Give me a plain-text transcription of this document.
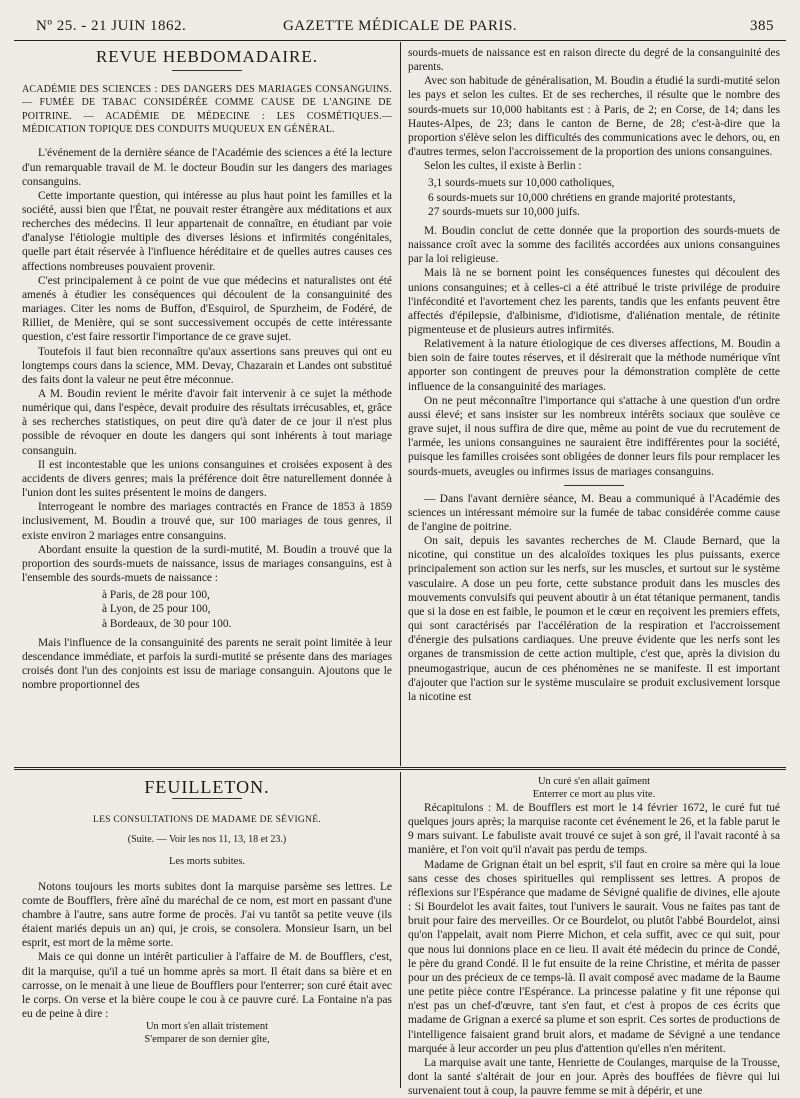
Nº 25. - 21 JUIN 1862.	GAZETTE MÉDICALE DE PARIS.	385
REVUE HEBDOMADAIRE.

ACADÉMIE DES SCIENCES : DES DANGERS DES MARIAGES CONSANGUINS. — FUMÉE DE TABAC CONSIDÉRÉE COMME CAUSE DE L'ANGINE DE POITRINE. — ACADÉMIE DE MÉDECINE : LES COSMÉTIQUES.—MÉDICATION TOPIQUE DES CONDUITS MUQUEUX EN GÉNÉRAL.

L'événement de la dernière séance de l'Académie des sciences a été la lecture d'un remarquable travail de M. le docteur Boudin sur les dangers des mariages consanguins.

Cette importante question, qui intéresse au plus haut point les familles et la société, aussi bien que l'État, ne pouvait rester étrangère aux méditations et aux recherches des médecins. Il leur appartenait de connaître, en étudiant par voie d'analyse l'étiologie multiple des diverses lésions et infirmités congénitales, quelle part était réservée à l'influence héréditaire et de quelles autres causes ces affections nombreuses pouvaient provenir.

C'est principalement à ce point de vue que médecins et naturalistes ont été amenés à étudier les conséquences qui découlent de la consanguinité des mariages. Citer les noms de Buffon, d'Esquirol, de Spurzheim, de Fodéré, de Rilliet, de Menière, qui se sont successivement occupés de cette intéressante question, c'est faire ressortir l'importance de ce grave sujet.

Toutefois il faut bien reconnaître qu'aux assertions sans preuves qui ont eu longtemps cours dans la science, MM. Devay, Chazarain et Landes ont substitué des faits dont la valeur ne peut être méconnue.

A M. Boudin revient le mérite d'avoir fait intervenir à ce sujet la méthode numérique qui, dans l'espèce, devait produire des résultats irrécusables, et, grâce à ses recherches statistiques, on peut dire qu'à dater de ce jour il n'est plus possible de révoquer en doute les dangers qui sont inhérents à tout mariage consanguin.

Il est incontestable que les unions consanguines et croisées exposent à des accidents de divers genres; mais la préférence doit être naturellement donnée à l'union dont les suites présentent le moins de dangers.

Interrogeant le nombre des mariages contractés en France de 1853 à 1859 inclusivement, M. Boudin a trouvé que, sur 100 mariages de tous genres, il existe environ 2 mariages entre consanguins.

Abordant ensuite la question de la surdi-mutité, M. Boudin a trouvé que la proportion des sourds-muets de naissance, issus de mariages consanguins, est à l'ensemble des sourds-muets de naissance :

à Paris, de 28 pour 100,
à Lyon, de 25 pour 100,
à Bordeaux, de 30 pour 100.

Mais l'influence de la consanguinité des parents ne serait point limitée à leur descendance immédiate, et parfois la surdi-mutité se présente dans des mariages croisés dont l'un des conjoints est issu de mariage consanguin. Ajoutons que le nombre proportionnel des

sourds-muets de naissance est en raison directe du degré de la consanguinité des parents.

Avec son habitude de généralisation, M. Boudin a étudié la surdi-mutité selon les pays et selon les cultes. Et de ses recherches, il résulte que le nombre des sourds-muets sur 10,000 habitants est : à Paris, de 2; en Corse, de 14; dans les Hautes-Alpes, de 23; dans le canton de Berne, de 28; c'est-à-dire que la proportion s'élève selon les difficultés des communications avec le dehors, ou, en d'autres termes, selon l'accroissement de la proportion des unions consanguines.

Selon les cultes, il existe à Berlin :

3,1 sourds-muets sur 10,000 catholiques,
6 sourds-muets sur 10,000 chrétiens en grande majorité protestants,
27 sourds-muets sur 10,000 juifs.

M. Boudin conclut de cette donnée que la proportion des sourds-muets de naissance croît avec la somme des facilités accordées aux unions consanguines par la loi religieuse.

Mais là ne se bornent point les conséquences funestes qui découlent des unions consanguines; et à celles-ci a été attribué le triste privilége de produire l'infécondité et l'avortement chez les parents, tandis que les enfants peuvent être affectés d'épilepsie, d'albinisme, d'idiotisme, d'aliénation mentale, de rétinite pigmenteuse et de plusieurs autres infirmités.

Relativement à la nature étiologique de ces diverses affections, M. Boudin a bien soin de faire toutes réserves, et il désirerait que la méthode numérique vînt apporter son contingent de preuves pour la démonstration complète de cette influence de la consanguinité des mariages.

On ne peut méconnaître l'importance qui s'attache à une question d'un ordre aussi élevé; et sans insister sur les nombreux intérêts sociaux que soulève ce grave sujet, il nous suffira de dire que, même au point de vue du recrutement de l'armée, les unions consanguines ne sauraient être indifférentes pour la société, puisque les familles croisées sont obligées de donner leurs fils pour remplacer les sourds-muets, aveugles ou infirmes issus de mariages consanguins.

— Dans l'avant dernière séance, M. Beau a communiqué à l'Académie des sciences un intéressant mémoire sur la fumée de tabac considérée comme cause de l'angine de poitrine.

On sait, depuis les savantes recherches de M. Claude Bernard, que la nicotine, qui constitue un des alcaloïdes toxiques les plus puissants, exerce principalement son action sur les nerfs, sur les muscles, et surtout sur le système vasculaire. A dose un peu forte, cette substance produit dans les muscles des mouvements convulsifs qui peuvent aboutir à un état tétanique permanent, tandis que si la dose en est faible, le poumon et le cœur en reçoivent les premiers effets, qui sont caractérisés par l'accélération de la respiration et l'accroissement d'énergie des pulsations cardiaques. Une preuve évidente que les nerfs sont les organes de transmission de cette action multiple, c'est que, après la division du pneumogastrique, aucun de ces phénomènes ne se manifeste. Il est important d'ajouter que l'action sur le système musculaire se produit exclusivement lorsque la nicotine est

FEUILLETON.

LES CONSULTATIONS DE MADAME DE SÉVIGNÉ.

(Suite. — Voir les nos 11, 13, 18 et 23.)

Les morts subites.

Notons toujours les morts subites dont la marquise parsème ses lettres. Le comte de Boufflers, frère aîné du maréchal de ce nom, est mort en passant d'une chambre à l'autre, sans autre forme de procès. J'ai vu tantôt sa petite veuve (ils étaient mariés depuis un an) qui, je crois, se consolera. Monsieur Isarn, un bel esprit, est mort de la même sorte.

Mais ce qui donne un intérêt particulier à l'affaire de M. de Boufflers, c'est, dit la marquise, qu'il a tué un homme après sa mort. Il était dans sa bière et en carrosse, on le menait à une lieue de Boufflers pour l'enterrer; son curé était avec le corps. On verse et la bière coupe le cou à ce pauvre curé. La Fontaine n'a pas eu de peine à dire :

Un mort s'en allait tristement

S'emparer de son dernier gîte,

Un curé s'en allait gaîment

Enterrer ce mort au plus vite.

Récapitulons : M. de Boufflers est mort le 14 février 1672, le curé fut tué quelques jours après; la marquise raconte cet événement le 26, et la fable parut le 9 mars suivant. Le fabuliste avait trouvé ce sujet à son gré, il l'avait raconté à sa manière, et l'on voit qu'il n'avait pas perdu de temps.

Madame de Grignan était un bel esprit, s'il faut en croire sa mère qui la loue sans cesse des choses spirituelles qui remplissent ses lettres. A propos de réflexions sur l'Espérance que madame de Sévigné qualifie de divines, elle ajoute : Si Bourdelot les avait faites, tout l'univers le saurait. Vous ne faites pas tant de bruit pour faire des merveilles. Or ce Bourdelot, ou plutôt l'abbé Bourdelot, ainsi qu'on l'appelait, avait nom Pierre Michon, et cela suffit, avec ce qui suit, pour que nous lui donnions place en ce lieu. Il avait été médecin du prince de Condé, le père du grand Condé. Il le fut ensuite de la reine Christine, et mérita de passer pour un des précieux de ce temps-là. Il avait composé avec madame de la Baume une petite pièce contre l'Espérance. La princesse palatine y fit une réponse qui n'est pas un chef-d'œuvre, tant s'en faut, et c'est à propos de ces écrits que madame de Grignan a exercé sa plume et son esprit. Ces sortes de productions de l'intelligence faisaient grand bruit alors, et madame de Sévigné a une tendance marquée à leur accorder un peu plus d'attention qu'elles n'en méritent.

La marquise avait une tante, Henriette de Coulanges, marquise de la Trousse, dont la santé s'altérait de jour en jour. Après des bouffées de fièvre qui lui survenaient tout à coup, la pauvre femme se mit à dépérir, et une
